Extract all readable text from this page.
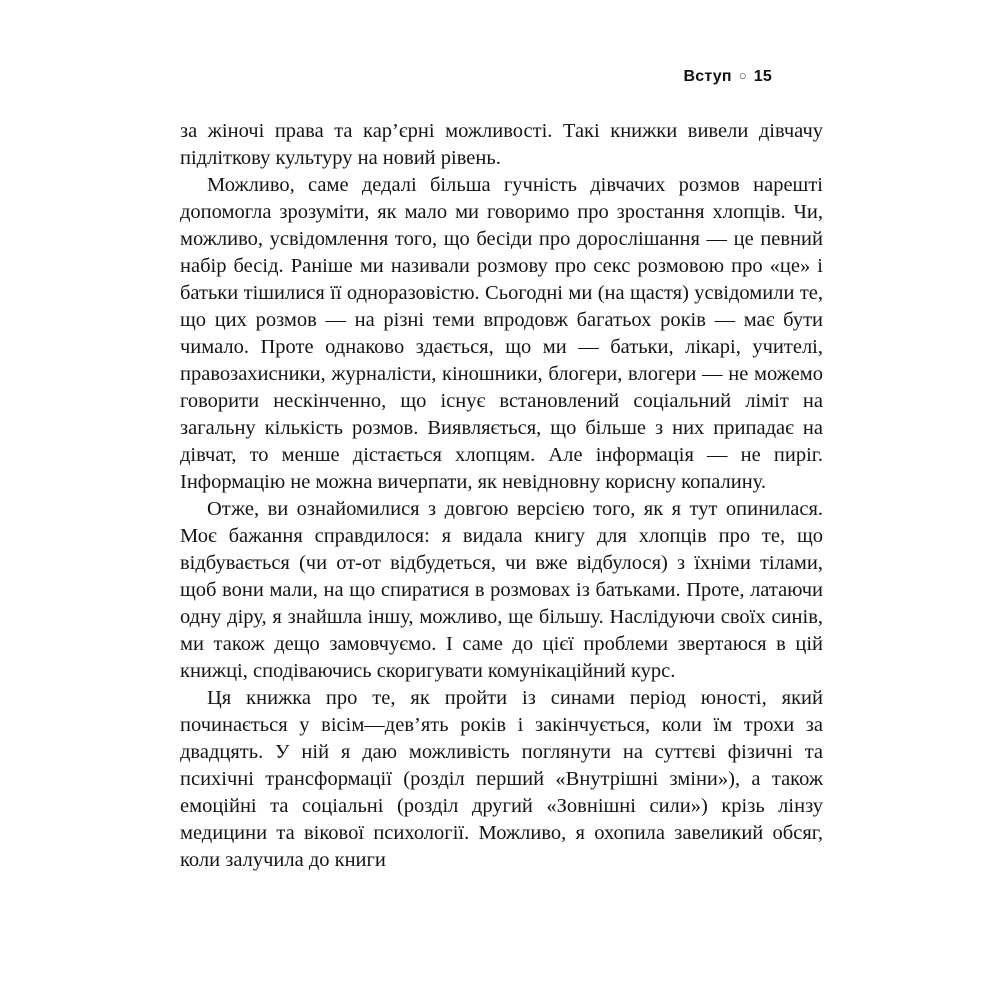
Вступ ○ 15

за жіночі права та кар’єрні можливості. Такі книжки вивели дівчачу підліткову культуру на новий рівень.

Можливо, саме дедалі більша гучність дівчачих розмов нарешті допомогла зрозуміти, як мало ми говоримо про зростання хлопців. Чи, можливо, усвідомлення того, що бесіди про дорослішання — це певний набір бесід. Раніше ми називали розмову про секс розмовою про «це» і батьки тішилися її одноразовістю. Сьогодні ми (на щастя) усвідомили те, що цих розмов — на різні теми впродовж багатьох років — має бути чимало. Проте однаково здається, що ми — батьки, лікарі, учителі, правозахисники, журналісти, кіношники, блогери, влогери — не можемо говорити нескінченно, що існує встановлений соціальний ліміт на загальну кількість розмов. Виявляється, що більше з них припадає на дівчат, то менше дістається хлопцям. Але інформація — не пиріг. Інформацію не можна вичерпати, як невідновну корисну копалину.

Отже, ви ознайомилися з довгою версією того, як я тут опинилася. Моє бажання справдилося: я видала книгу для хлопців про те, що відбувається (чи от-от відбудеться, чи вже відбулося) з їхніми тілами, щоб вони мали, на що спиратися в розмовах із батьками. Проте, латаючи одну діру, я знайшла іншу, можливо, ще більшу. Наслідуючи своїх синів, ми також дещо замовчуємо. І саме до цієї проблеми звертаюся в цій книжці, сподіваючись скоригувати комунікаційний курс.

Ця книжка про те, як пройти із синами період юності, який починається у вісім—дев’ять років і закінчується, коли їм трохи за двадцять. У ній я даю можливість поглянути на суттєві фізичні та психічні трансформації (розділ перший «Внутрішні зміни»), а також емоційні та соціальні (розділ другий «Зовнішні сили») крізь лінзу медицини та вікової психології. Можливо, я охопила завеликий обсяг, коли залучила до книги
